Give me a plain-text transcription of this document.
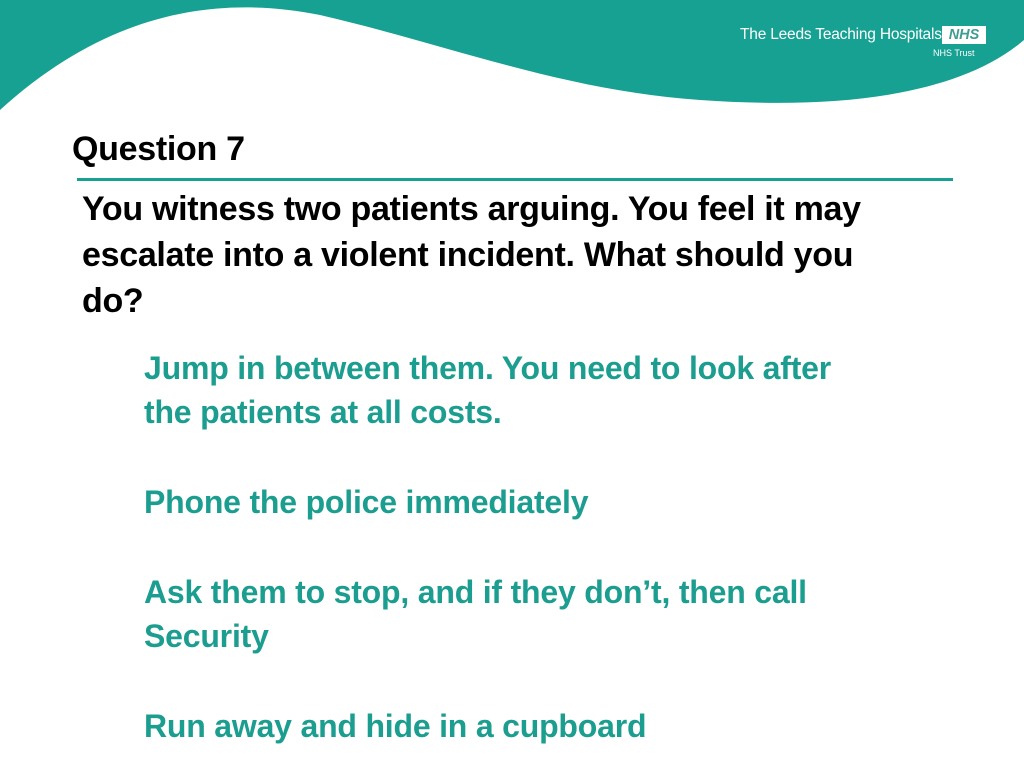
The Leeds Teaching Hospitals NHS
NHS Trust
Question 7

You witness two patients arguing. You feel it may escalate into a violent incident. What should you do?

Jump in between them. You need to look after the patients at all costs.

Phone the police immediately

Ask them to stop, and if they don’t, then call Security

Run away and hide in a cupboard
